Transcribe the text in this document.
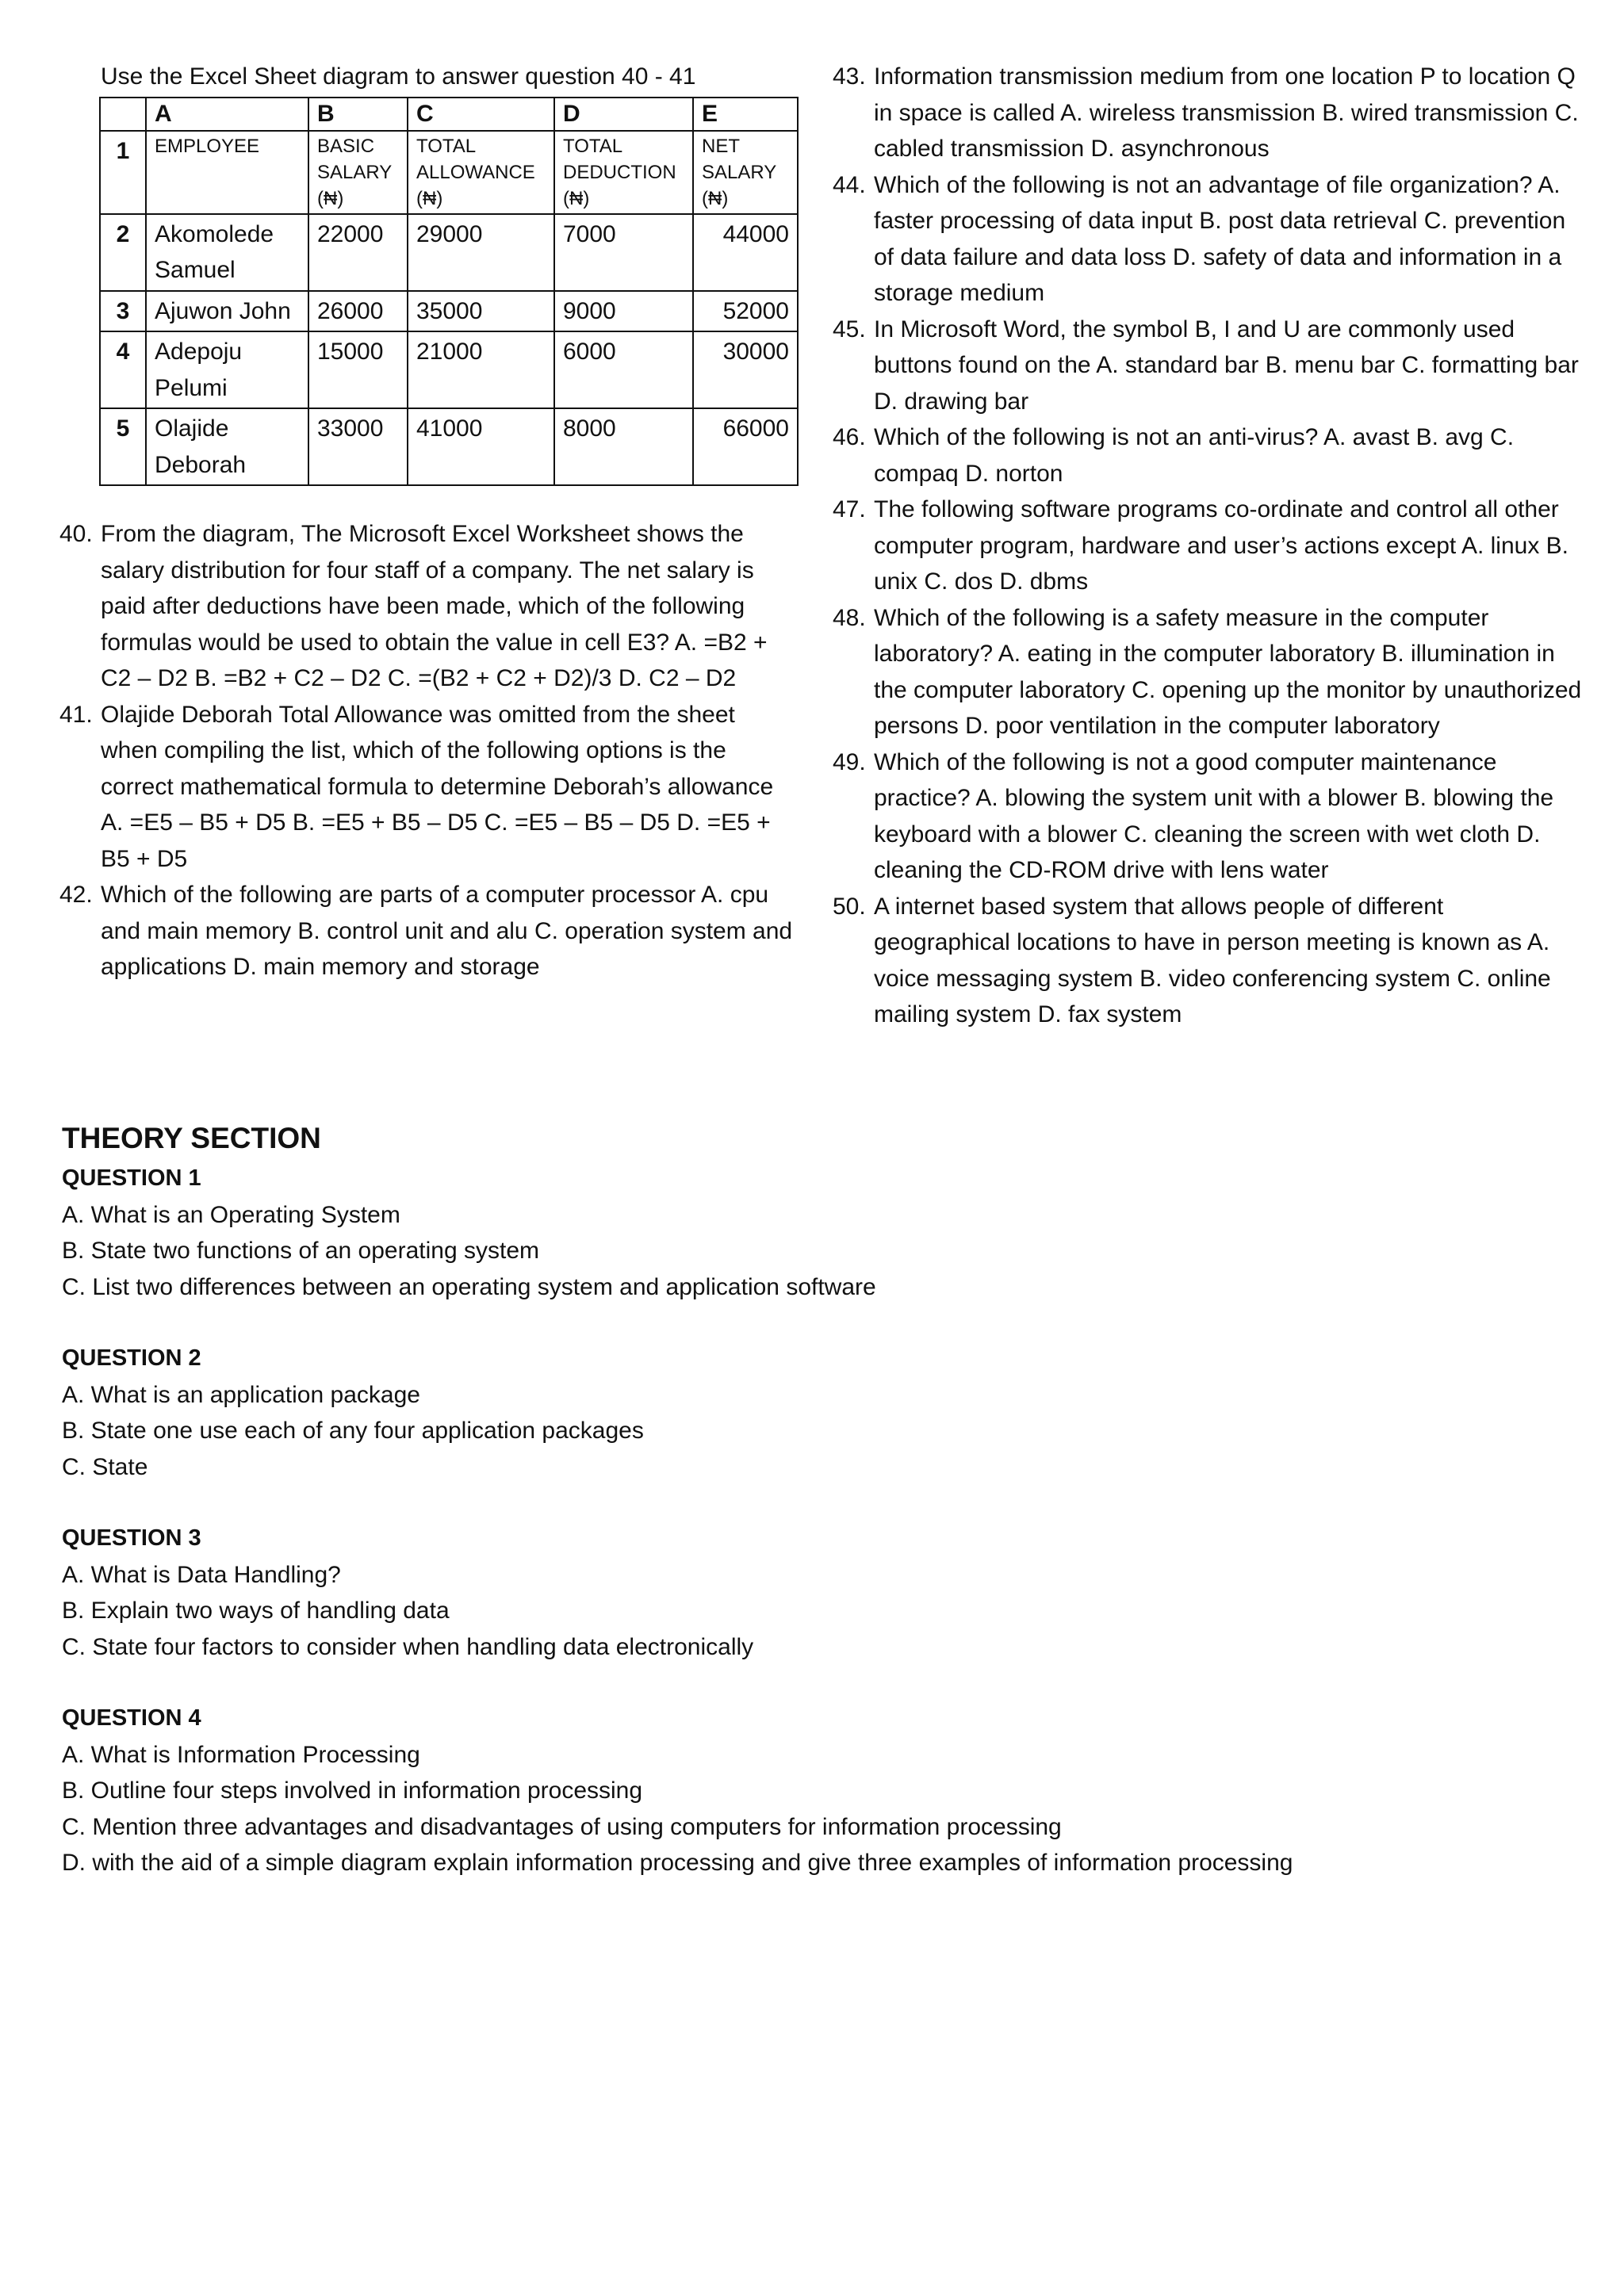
Use the Excel Sheet diagram to answer question 40 - 41
	A	B	C	D	E
1	EMPLOYEE	BASIC SALARY (₦)	TOTAL ALLOWANCE (₦)	TOTAL DEDUCTION (₦)	NET SALARY (₦)
2	Akomolede Samuel	22000	29000	7000	44000
3	Ajuwon John	26000	35000	9000	52000
4	Adepoju Pelumi	15000	21000	6000	30000
5	Olajide Deborah	33000	41000	8000	66000
40. From the diagram, The Microsoft Excel Worksheet shows the salary distribution for four staff of a company. The net salary is paid after deductions have been made, which of the following formulas would be used to obtain the value in cell E3? A. =B2 + C2 – D2 B. =B2 + C2 – D2 C. =(B2 + C2 + D2)/3 D. C2 – D2
41. Olajide Deborah Total Allowance was omitted from the sheet when compiling the list, which of the following options is the correct mathematical formula to determine Deborah’s allowance A. =E5 – B5 + D5 B. =E5 + B5 – D5 C. =E5 – B5 – D5 D. =E5 + B5 + D5
42. Which of the following are parts of a computer processor A. cpu and main memory B. control unit and alu C. operation system and applications D. main memory and storage
43. Information transmission medium from one location P to location Q in space is called A. wireless transmission B. wired transmission C. cabled transmission D. asynchronous
44. Which of the following is not an advantage of file organization? A. faster processing of data input B. post data retrieval C. prevention of data failure and data loss D. safety of data and information in a storage medium
45. In Microsoft Word, the symbol B, I and U are commonly used buttons found on the A. standard bar B. menu bar C. formatting bar D. drawing bar
46. Which of the following is not an anti-virus? A. avast B. avg C. compaq D. norton
47. The following software programs co-ordinate and control all other computer program, hardware and user’s actions except A. linux B. unix C. dos D. dbms
48. Which of the following is a safety measure in the computer laboratory? A. eating in the computer laboratory B. illumination in the computer laboratory C. opening up the monitor by unauthorized persons D. poor ventilation in the computer laboratory
49. Which of the following is not a good computer maintenance practice? A. blowing the system unit with a blower B. blowing the keyboard with a blower C. cleaning the screen with wet cloth D. cleaning the CD-ROM drive with lens water
50. A internet based system that allows people of different geographical locations to have in person meeting is known as A. voice messaging system B. video conferencing system C. online mailing system D. fax system
THEORY SECTION

QUESTION 1

A. What is an Operating System

B. State two functions of an operating system

C. List two differences between an operating system and application software

QUESTION 2

A. What is an application package

B. State one use each of any four application packages

C. State

QUESTION 3

A. What is Data Handling?

B. Explain two ways of handling data

C. State four factors to consider when handling data electronically

QUESTION 4

A. What is Information Processing

B. Outline four steps involved in information processing

C. Mention three advantages and disadvantages of using computers for information processing

D. with the aid of a simple diagram explain information processing and give three examples of information processing
